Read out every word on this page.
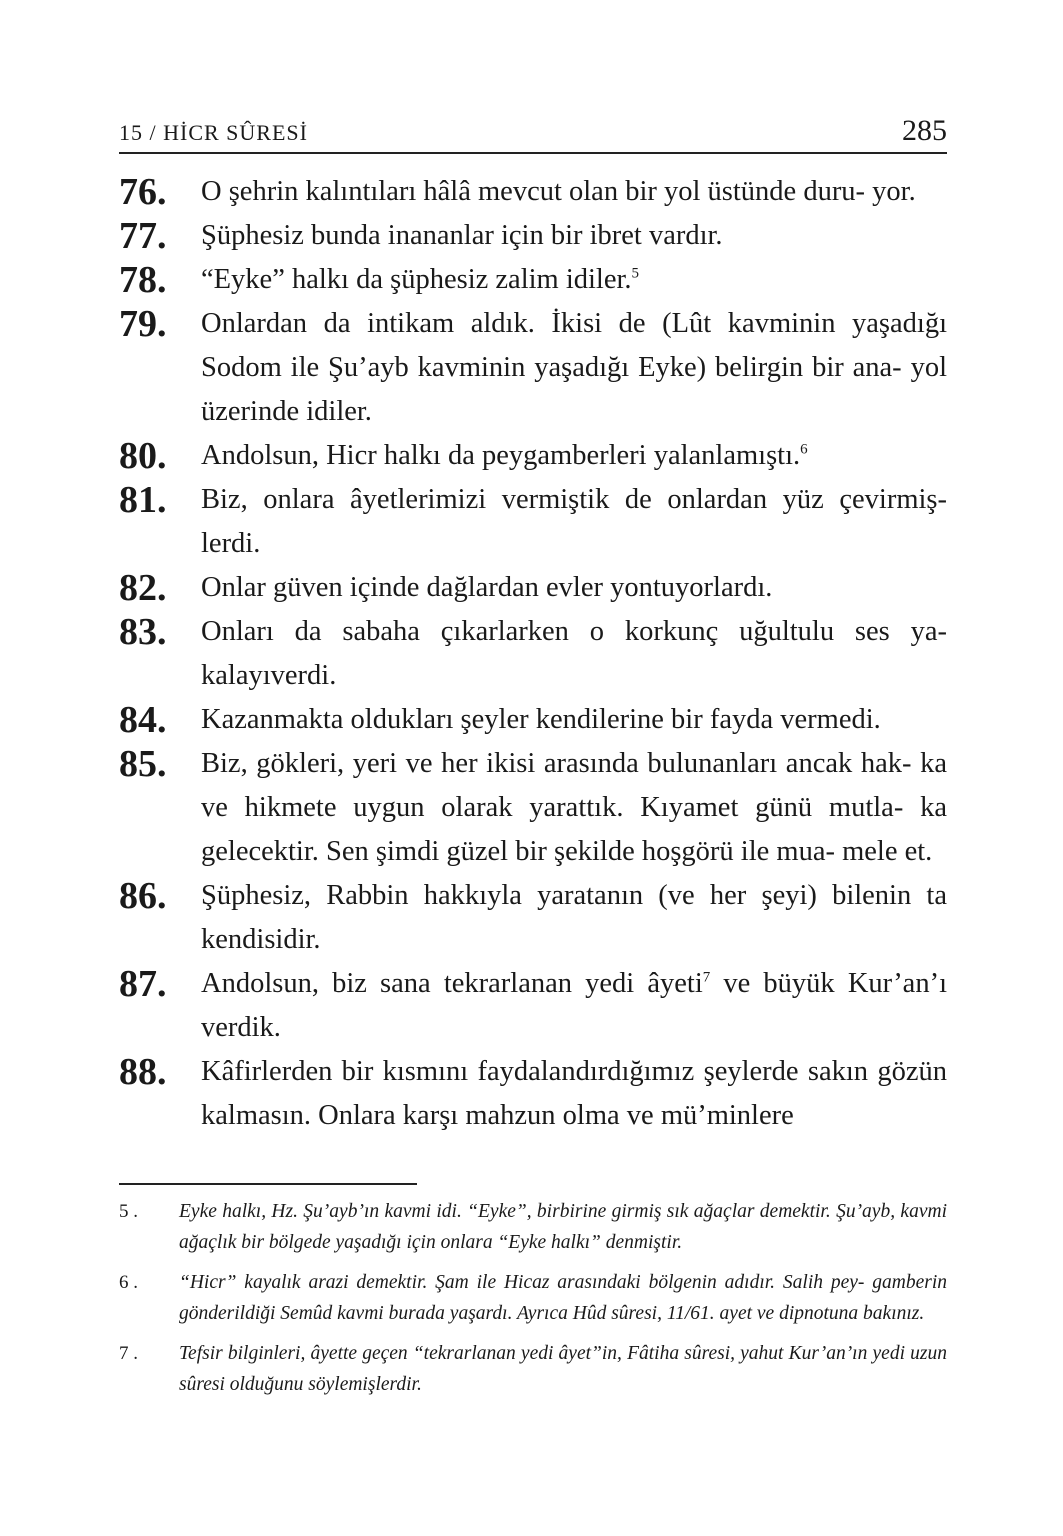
15 / HİCR SÛRESİ	285
76. O şehrin kalıntıları hâlâ mevcut olan bir yol üstünde duru- yor.
77. Şüphesiz bunda inananlar için bir ibret vardır.
78. “Eyke” halkı da şüphesiz zalim idiler.$^5$
79. Onlardan da intikam aldık. İkisi de (Lût kavminin yaşadığı Sodom ile Şu’ayb kavminin yaşadığı Eyke) belirgin bir ana- yol üzerinde idiler.
80. Andolsun, Hicr halkı da peygamberleri yalanlamıştı.$^6$
81. Biz, onlara âyetlerimizi vermiştik de onlardan yüz çevirmiş- lerdi.
82. Onlar güven içinde dağlardan evler yontuyorlardı.
83. Onları da sabaha çıkarlarken o korkunç uğultulu ses ya- kalayıverdi.
84. Kazanmakta oldukları şeyler kendilerine bir fayda vermedi.
85. Biz, gökleri, yeri ve her ikisi arasında bulunanları ancak hak- ka ve hikmete uygun olarak yarattık. Kıyamet günü mutla- ka gelecektir. Sen şimdi güzel bir şekilde hoşgörü ile mua- mele et.
86. Şüphesiz, Rabbin hakkıyla yaratanın (ve her şeyi) bilenin ta kendisidir.
87. Andolsun, biz sana tekrarlanan yedi âyeti$^7$ ve büyük Kur’an’ı verdik.
88. Kâfirlerden bir kısmını faydalandırdığımız şeylerde sakın gözün kalmasın. Onlara karşı mahzun olma ve mü’minlere
5 . Eyke halkı, Hz. Şu’ayb’ın kavmi idi. “Eyke”, birbirine girmiş sık ağaçlar demektir. Şu’ayb, kavmi ağaçlık bir bölgede yaşadığı için onlara “Eyke halkı” denmiştir.
6 . “Hicr” kayalık arazi demektir. Şam ile Hicaz arasındaki bölgenin adıdır. Salih pey- gamberin gönderildiği Semûd kavmi burada yaşardı. Ayrıca Hûd sûresi, 11/61. ayet ve dipnotuna bakınız.
7 . Tefsir bilginleri, âyette geçen “tekrarlanan yedi âyet”in, Fâtiha sûresi, yahut Kur’an’ın yedi uzun sûresi olduğunu söylemişlerdir.
